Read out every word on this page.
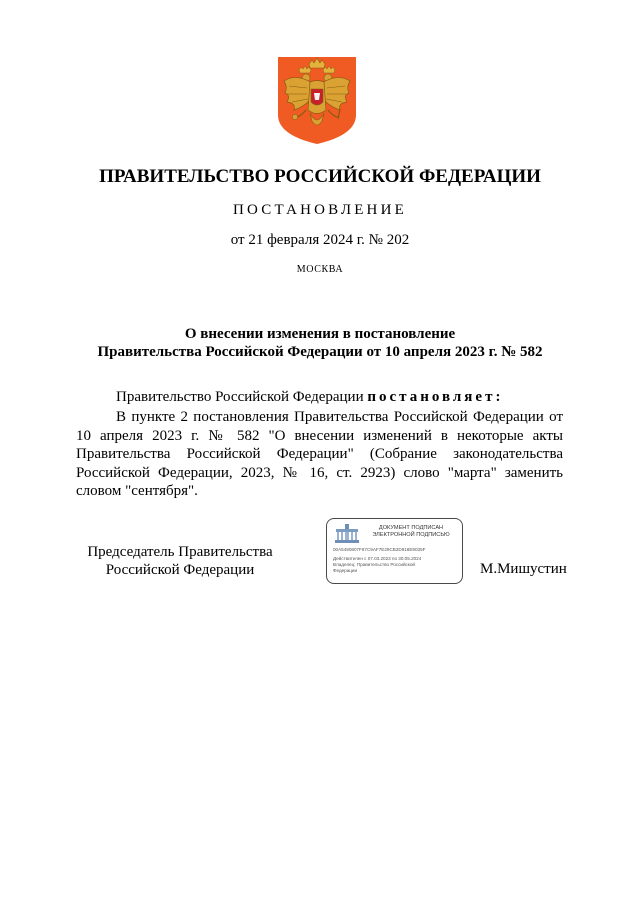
ПРАВИТЕЛЬСТВО РОССИЙСКОЙ ФЕДЕРАЦИИ
ПОСТАНОВЛЕНИЕ
от 21 февраля 2024 г. № 202
МОСКВА
О внесении изменения в постановление
Правительства Российской Федерации от 10 апреля 2023 г. № 582
Правительство Российской Федерации постановляет:
В пункте 2 постановления Правительства Российской Федерации от 10 апреля 2023 г. № 582 "О внесении изменений в некоторые акты Правительства Российской Федерации" (Собрание законодательства Российской Федерации, 2023, № 16, ст. 2923) слово "марта" заменить словом "сентября".
Председатель Правительства
Российской Федерации
ДОКУМЕНТ ПОДПИСАН
ЭЛЕКТРОННОЙ ПОДПИСЬЮ
00A5490807F67C9AF7E29CB2D918E9035F
Действителен с 07.03.2023 по 30.05.2024
Владелец: Правительство Российской Федерации	М.Мишустин
